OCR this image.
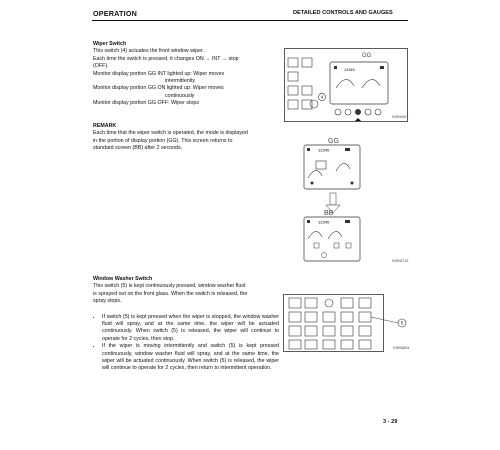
OPERATION	DETAILED CONTROLS AND GAUGES

Wiper Switch

This switch (4) actuates the front window wiper.

Each time the switch is pressed, it changes ON → INT → stop

(OFF).

Monitor display portion GG INT lighted up: Wiper moves

intermittently

Monitor display portion GG ON lighted up: Wiper moves

continuously

Monitor display portion GG OFF: Wiper stops

REMARK

Each time that the wiper switch is operated, the mode is displayed

in the portion of display portion (GG). This screen returns to

standard screen (BB) after 2 seconds.

Window Washer Switch

This switch (5) is kept continuously pressed, window washer fluid

is sprayed out on the front glass. When the switch is released, the

spray stops.

• If switch (5) is kept pressed when the wiper is stopped, the window washer fluid will spray, and at the same time, the wiper will be actuated continuously. When switch (5) is released, the wiper will continue to operate for 2 cycles, then stop.
• If the wiper is moving intermittently and switch (5) is kept pressed continuously, window washer fluid will spray, and at the same time, the wiper will be actuated continuously. When switch (5) is released, the wiper will continue to operate for 2 cycles, then return to intermittent operation.
4
GG
12345
9JH06307
GG
12345
BB
12345
9JH06715
5
9JH06834
3 - 29
